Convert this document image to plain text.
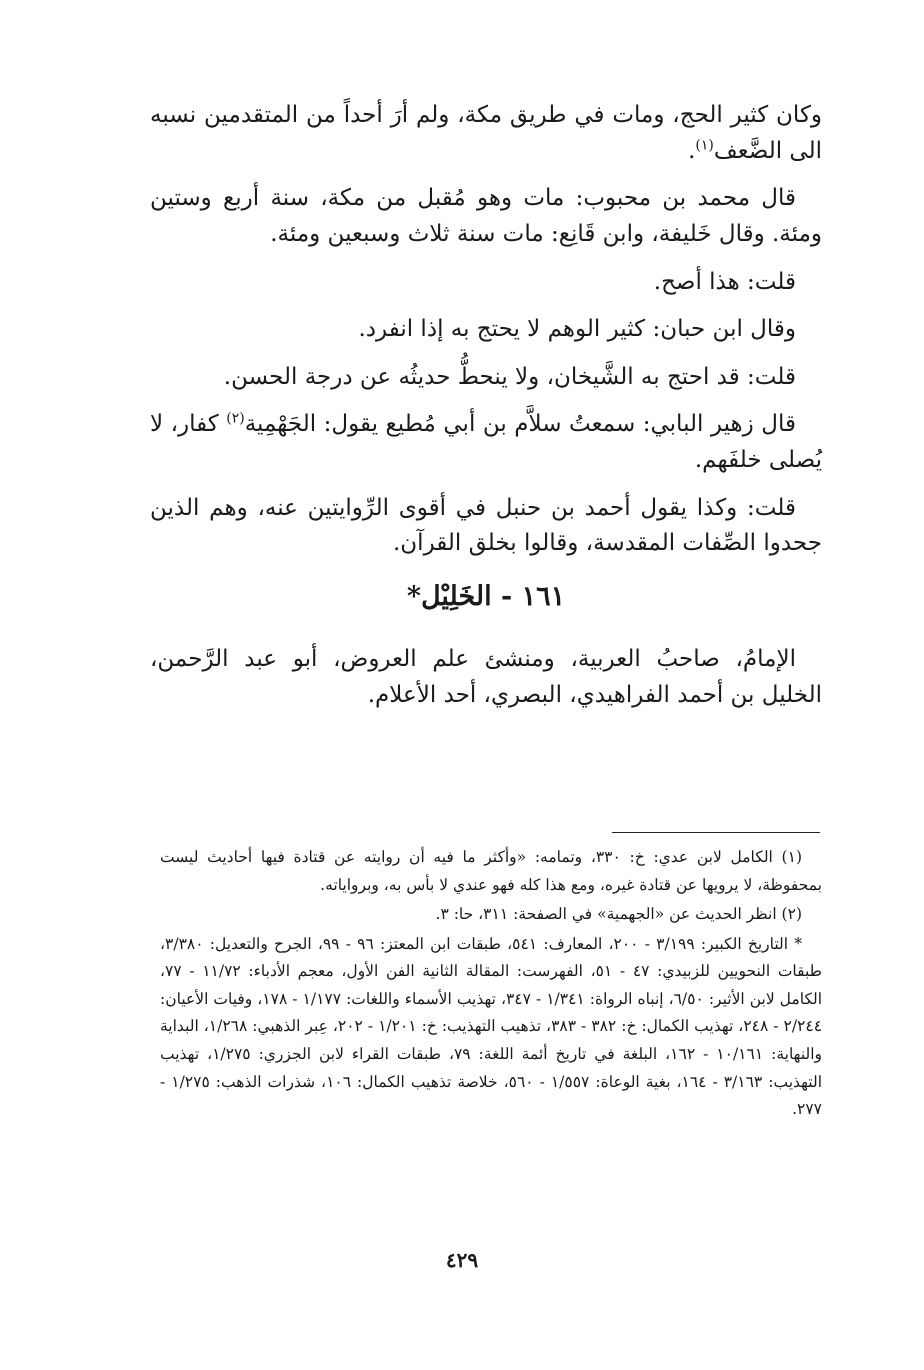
وكان كثير الحج، ومات في طريق مكة، ولم أرَ أحداً من المتقدمين نسبه الى الضَّعف$^{(١)}$.

قال محمد بن محبوب: مات وهو مُقبل من مكة، سنة أربع وستين ومئة. وقال خَليفة، وابن قَانِع: مات سنة ثلاث وسبعين ومئة.

قلت: هذا أصح.

وقال ابن حبان: كثير الوهم لا يحتج به إذا انفرد.

قلت: قد احتج به الشَّيخان، ولا ينحطُّ حديثُه عن درجة الحسن.

قال زهير البابي: سمعتُ سلاَّم بن أبي مُطيع يقول: الجَهْمِية$^{(٢)}$ كفار، لا يُصلى خلفَهم.

قلت: وكذا يقول أحمد بن حنبل في أقوى الرِّوايتين عنه، وهم الذين جحدوا الصِّفات المقدسة، وقالوا بخلق القرآن.

١٦١ - الخَلِيْل*

الإمامُ، صاحبُ العربية، ومنشئ علم العروض، أبو عبد الرَّحمن، الخليل بن أحمد الفراهيدي، البصري، أحد الأعلام.

(١) الكامل لابن عدي: خ: ٣٣٠، وتمامه: «وأكثر ما فيه أن روايته عن قتادة فيها أحاديث ليست بمحفوظة، لا يرويها عن قتادة غيره، ومع هذا كله فهو عندي لا بأس به، وبرواياته.

(٢) انظر الحديث عن «الجهمية» في الصفحة: ٣١١، حا: ٣.

* التاريخ الكبير: ٣/١٩٩ - ٢٠٠، المعارف: ٥٤١، طبقات ابن المعتز: ٩٦ - ٩٩، الجرح والتعديل: ٣/٣٨٠، طبقات النحويين للزبيدي: ٤٧ - ٥١، الفهرست: المقالة الثانية الفن الأول، معجم الأدباء: ١١/٧٢ - ٧٧، الكامل لابن الأثير: ٦/٥٠، إنباه الرواة: ١/٣٤١ - ٣٤٧، تهذيب الأسماء واللغات: ١/١٧٧ - ١٧٨، وفيات الأعيان: ٢/٢٤٤ - ٢٤٨، تهذيب الكمال: خ: ٣٨٢ - ٣٨٣، تذهيب التهذيب: خ: ١/٢٠١ - ٢٠٢، عِبر الذهبي: ١/٢٦٨، البداية والنهاية: ١٠/١٦١ - ١٦٢، البلغة في تاريخ أئمة اللغة: ٧٩، طبقات القراء لابن الجزري: ١/٢٧٥، تهذيب التهذيب: ٣/١٦٣ - ١٦٤، بغية الوعاة: ١/٥٥٧ - ٥٦٠، خلاصة تذهيب الكمال: ١٠٦، شذرات الذهب: ١/٢٧٥ - ٢٧٧.

٤٢٩
